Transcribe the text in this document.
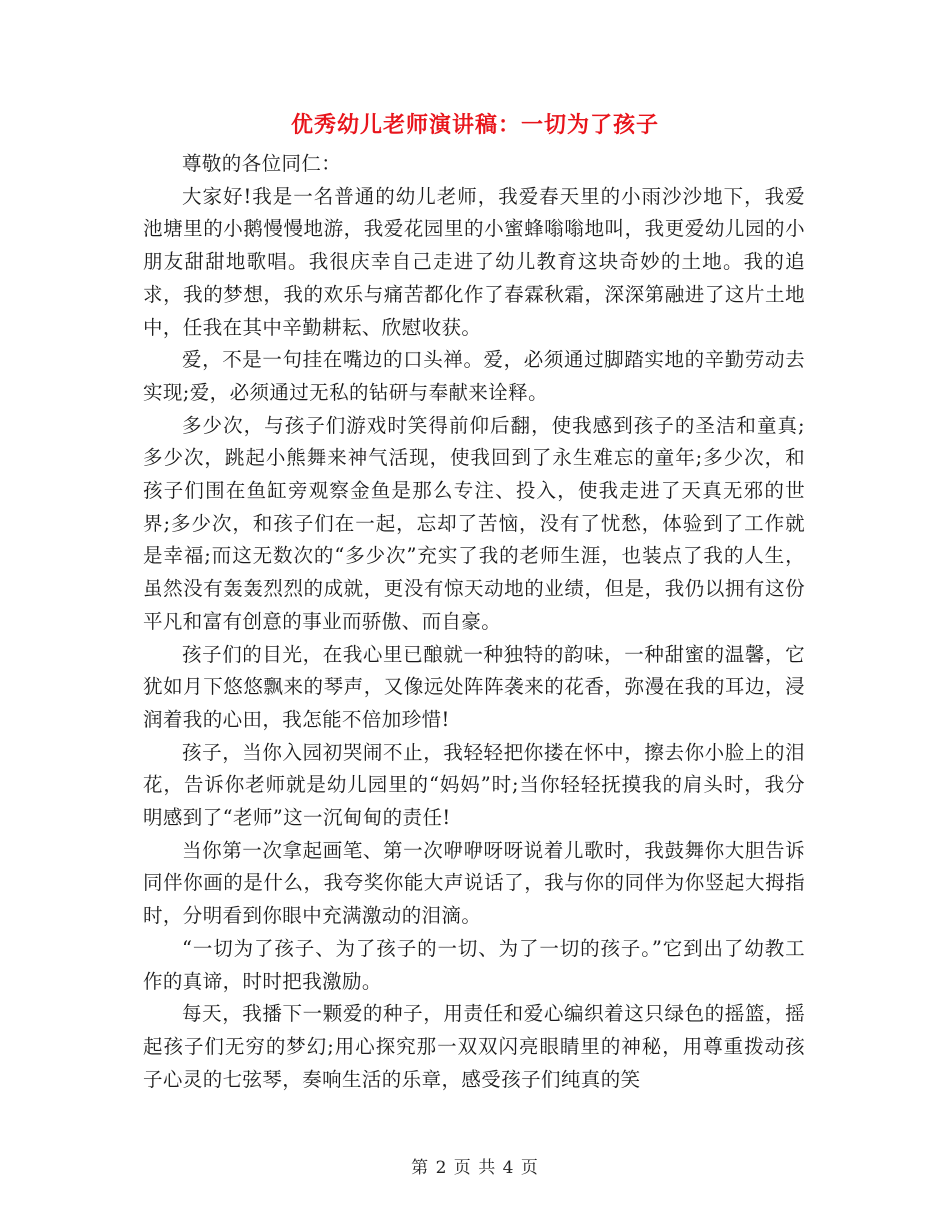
优秀幼儿老师演讲稿：一切为了孩子

尊敬的各位同仁：

大家好!我是一名普通的幼儿老师，我爱春天里的小雨沙沙地下，我爱池塘里的小鹅慢慢地游，我爱花园里的小蜜蜂嗡嗡地叫，我更爱幼儿园的小朋友甜甜地歌唱。我很庆幸自己走进了幼儿教育这块奇妙的土地。我的追求，我的梦想，我的欢乐与痛苦都化作了春霖秋霜，深深第融进了这片土地中，任我在其中辛勤耕耘、欣慰收获。

爱，不是一句挂在嘴边的口头禅。爱，必须通过脚踏实地的辛勤劳动去实现;爱，必须通过无私的钻研与奉献来诠释。

多少次，与孩子们游戏时笑得前仰后翻，使我感到孩子的圣洁和童真;多少次，跳起小熊舞来神气活现，使我回到了永生难忘的童年;多少次，和孩子们围在鱼缸旁观察金鱼是那么专注、投入，使我走进了天真无邪的世界;多少次，和孩子们在一起，忘却了苦恼，没有了忧愁，体验到了工作就是幸福;而这无数次的“多少次”充实了我的老师生涯，也装点了我的人生，虽然没有轰轰烈烈的成就，更没有惊天动地的业绩，但是，我仍以拥有这份平凡和富有创意的事业而骄傲、而自豪。

孩子们的目光，在我心里已酿就一种独特的韵味，一种甜蜜的温馨，它犹如月下悠悠飘来的琴声，又像远处阵阵袭来的花香，弥漫在我的耳边，浸润着我的心田，我怎能不倍加珍惜!

孩子，当你入园初哭闹不止，我轻轻把你搂在怀中，擦去你小脸上的泪花，告诉你老师就是幼儿园里的“妈妈”时;当你轻轻抚摸我的肩头时，我分明感到了“老师”这一沉甸甸的责任!

当你第一次拿起画笔、第一次咿咿呀呀说着儿歌时，我鼓舞你大胆告诉同伴你画的是什么，我夸奖你能大声说话了，我与你的同伴为你竖起大拇指时，分明看到你眼中充满激动的泪滴。

“一切为了孩子、为了孩子的一切、为了一切的孩子。”它到出了幼教工作的真谛，时时把我激励。

每天，我播下一颗爱的种子，用责任和爱心编织着这只绿色的摇篮，摇起孩子们无穷的梦幻;用心探究那一双双闪亮眼睛里的神秘，用尊重拨动孩子心灵的七弦琴，奏响生活的乐章，感受孩子们纯真的笑

第 2 页 共 4 页
